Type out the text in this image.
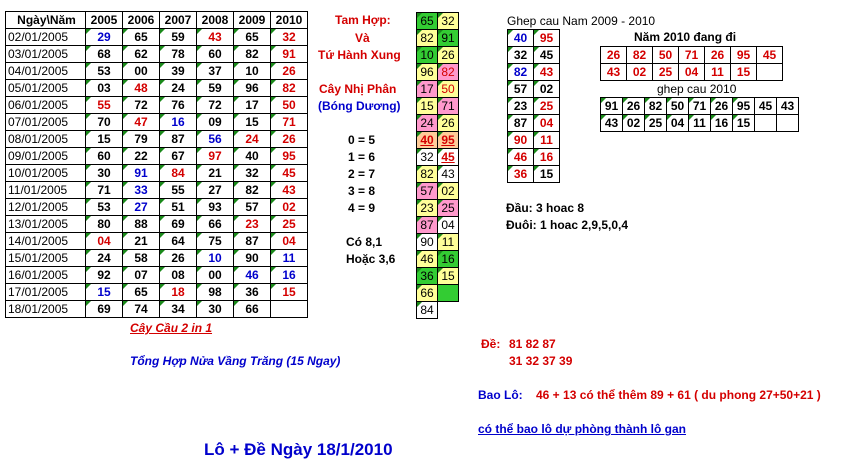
Ngày\Năm	2005	2006	2007	2008	2009	2010
02/01/2005	29	65	59	43	65	32
03/01/2005	68	62	78	60	82	91
04/01/2005	53	00	39	37	10	26
05/01/2005	03	48	24	59	96	82
06/01/2005	55	72	76	72	17	50
07/01/2005	70	47	16	09	15	71
08/01/2005	15	79	87	56	24	26
09/01/2005	60	22	67	97	40	95
10/01/2005	30	91	84	21	32	45
11/01/2005	71	33	55	27	82	43
12/01/2005	53	27	51	93	57	02
13/01/2005	80	88	69	66	23	25
14/01/2005	04	21	64	75	87	04
15/01/2005	24	58	26	10	90	11
16/01/2005	92	07	08	00	46	16
17/01/2005	15	65	18	98	36	15
18/01/2005	69	74	34	30	66	
Tam Hợp:
Và
Tứ Hành Xung
Cây Nhị Phân
(Bóng Dương)
0 = 5
1 = 6
2 = 7
3 = 8
4 = 9
Có 8,1
Hoặc 3,6
65	32
82	91
10	26
96	82
17	50
15	71
24	26
40	95
32	45
82	43
57	02
23	25
87	04
90	11
46	16
36	15
66	
84	
Ghep cau Nam 2009 - 2010
40	95
32	45
82	43
57	02
23	25
87	04
90	11
46	16
36	15
Năm 2010 đang đi
26	82	50	71	26	95	45
43	02	25	04	11	15	
ghep cau 2010
91	26	82	50	71	26	95	45	43
43	02	25	04	11	16	15		
Đầu: 3 hoac 8
Đuôi: 1 hoac 2,9,5,0,4
Cây Cầu 2 in 1
Tổng Hợp Nửa Vầng Trăng (15 Ngay)
Đề: 81 82 87
31 32 37 39
Bao Lô: 46 + 13 có thể thêm 89 + 61 ( du phong 27+50+21 )
có thể bao lô dự phòng thành lô gan
Lô + Đề Ngày 18/1/2010
